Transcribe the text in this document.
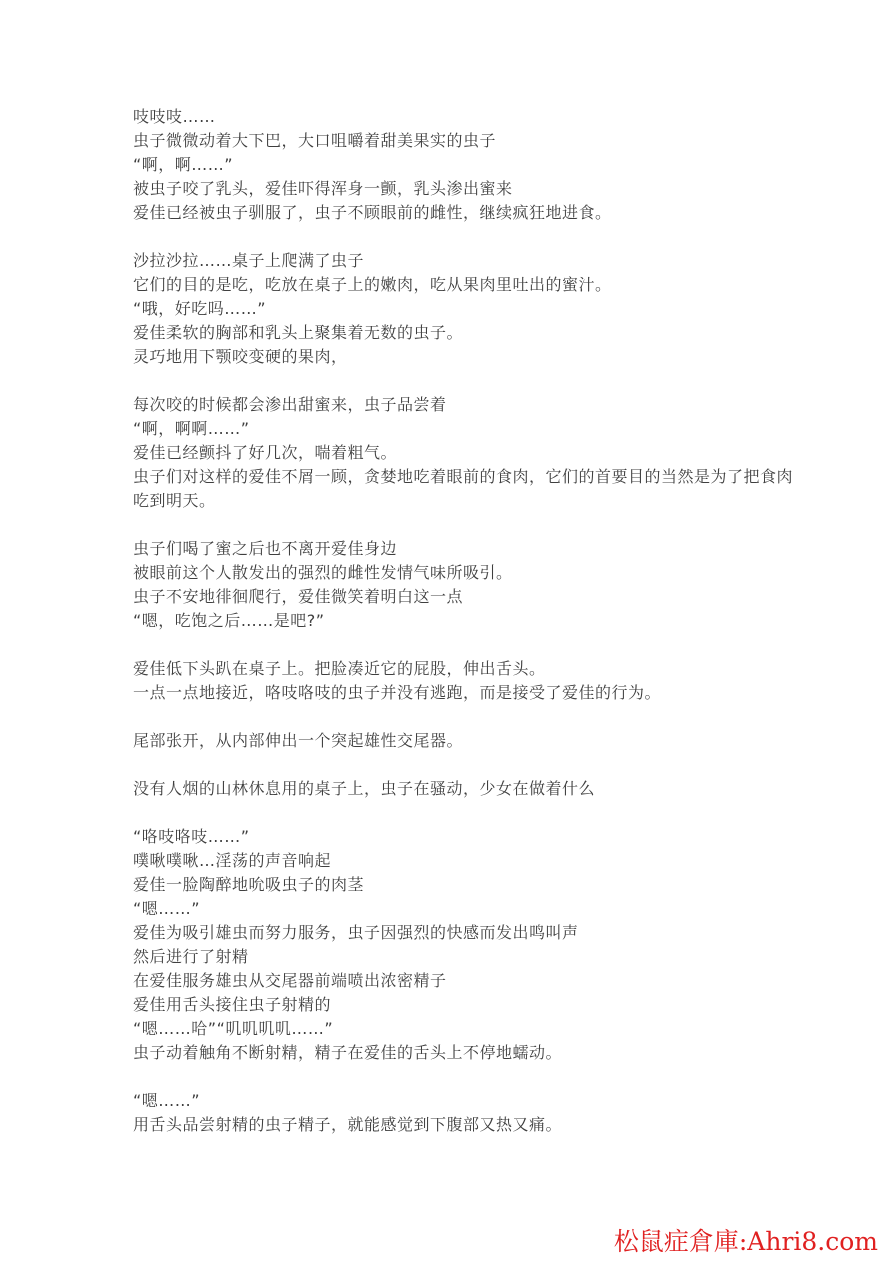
吱吱吱……
虫子微微动着大下巴，大口咀嚼着甜美果实的虫子
“啊，啊……”
被虫子咬了乳头，爱佳吓得浑身一颤，乳头渗出蜜来
爱佳已经被虫子驯服了，虫子不顾眼前的雌性，继续疯狂地进食。
沙拉沙拉……桌子上爬满了虫子
它们的目的是吃，吃放在桌子上的嫩肉，吃从果肉里吐出的蜜汁。
“哦，好吃吗……”
爱佳柔软的胸部和乳头上聚集着无数的虫子。
灵巧地用下颚咬变硬的果肉，
每次咬的时候都会渗出甜蜜来，虫子品尝着
“啊，啊啊……”
爱佳已经颤抖了好几次，喘着粗气。
虫子们对这样的爱佳不屑一顾，贪婪地吃着眼前的食肉，它们的首要目的当然是为了把食肉
吃到明天。
虫子们喝了蜜之后也不离开爱佳身边
被眼前这个人散发出的强烈的雌性发情气味所吸引。
虫子不安地徘徊爬行，爱佳微笑着明白这一点
“嗯，吃饱之后……是吧?”
爱佳低下头趴在桌子上。把脸凑近它的屁股，伸出舌头。
一点一点地接近，咯吱咯吱的虫子并没有逃跑，而是接受了爱佳的行为。
尾部张开，从内部伸出一个突起雄性交尾器。
没有人烟的山林休息用的桌子上，虫子在骚动，少女在做着什么
“咯吱咯吱……”
噗啾噗啾…淫荡的声音响起
爱佳一脸陶醉地吮吸虫子的肉茎
“嗯……”
爱佳为吸引雄虫而努力服务，虫子因强烈的快感而发出鸣叫声
然后进行了射精
在爱佳服务雄虫从交尾器前端喷出浓密精子
爱佳用舌头接住虫子射精的
“嗯……哈”“叽叽叽叽……”
虫子动着触角不断射精，精子在爱佳的舌头上不停地蠕动。
“嗯……”
用舌头品尝射精的虫子精子，就能感觉到下腹部又热又痛。
松鼠症倉庫:Ahri8.com
